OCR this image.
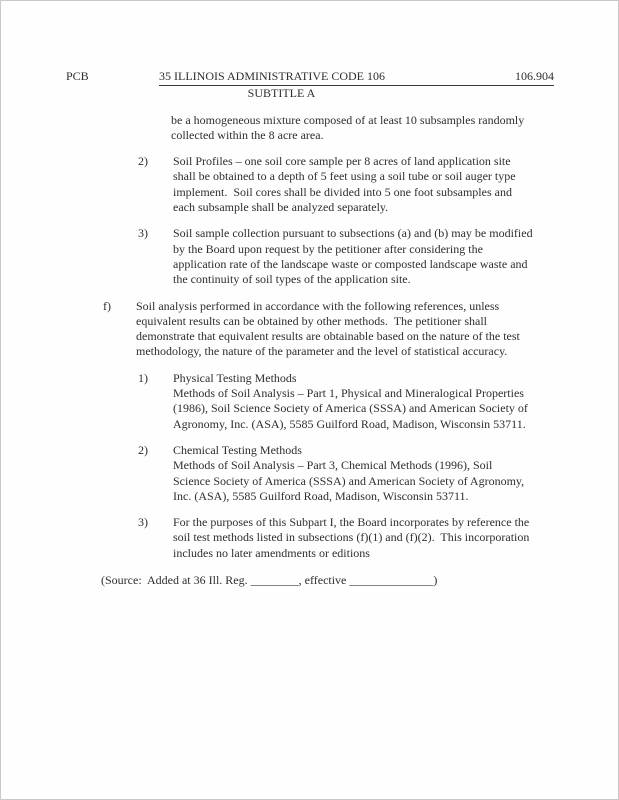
PCB	35 ILLINOIS ADMINISTRATIVE CODE 106	106.904
SUBTITLE A
be a homogeneous mixture composed of at least 10 subsamples randomly
collected within the 8 acre area.
2)	Soil Profiles – one soil core sample per 8 acres of land application site
shall be obtained to a depth of 5 feet using a soil tube or soil auger type
implement.  Soil cores shall be divided into 5 one foot subsamples and
each subsample shall be analyzed separately.
3)	Soil sample collection pursuant to subsections (a) and (b) may be modified
by the Board upon request by the petitioner after considering the
application rate of the landscape waste or composted landscape waste and
the continuity of soil types of the application site.
f)	Soil analysis performed in accordance with the following references, unless
equivalent results can be obtained by other methods.  The petitioner shall
demonstrate that equivalent results are obtainable based on the nature of the test
methodology, the nature of the parameter and the level of statistical accuracy.
1)	Physical Testing Methods
Methods of Soil Analysis – Part 1, Physical and Mineralogical Properties
(1986), Soil Science Society of America (SSSA) and American Society of
Agronomy, Inc. (ASA), 5585 Guilford Road, Madison, Wisconsin 53711.
2)	Chemical Testing Methods
Methods of Soil Analysis – Part 3, Chemical Methods (1996), Soil
Science Society of America (SSSA) and American Society of Agronomy,
Inc. (ASA), 5585 Guilford Road, Madison, Wisconsin 53711.
3)	For the purposes of this Subpart I, the Board incorporates by reference the
soil test methods listed in subsections (f)(1) and (f)(2).  This incorporation
includes no later amendments or editions
(Source:  Added at 36 Ill. Reg. ________, effective ______________)
